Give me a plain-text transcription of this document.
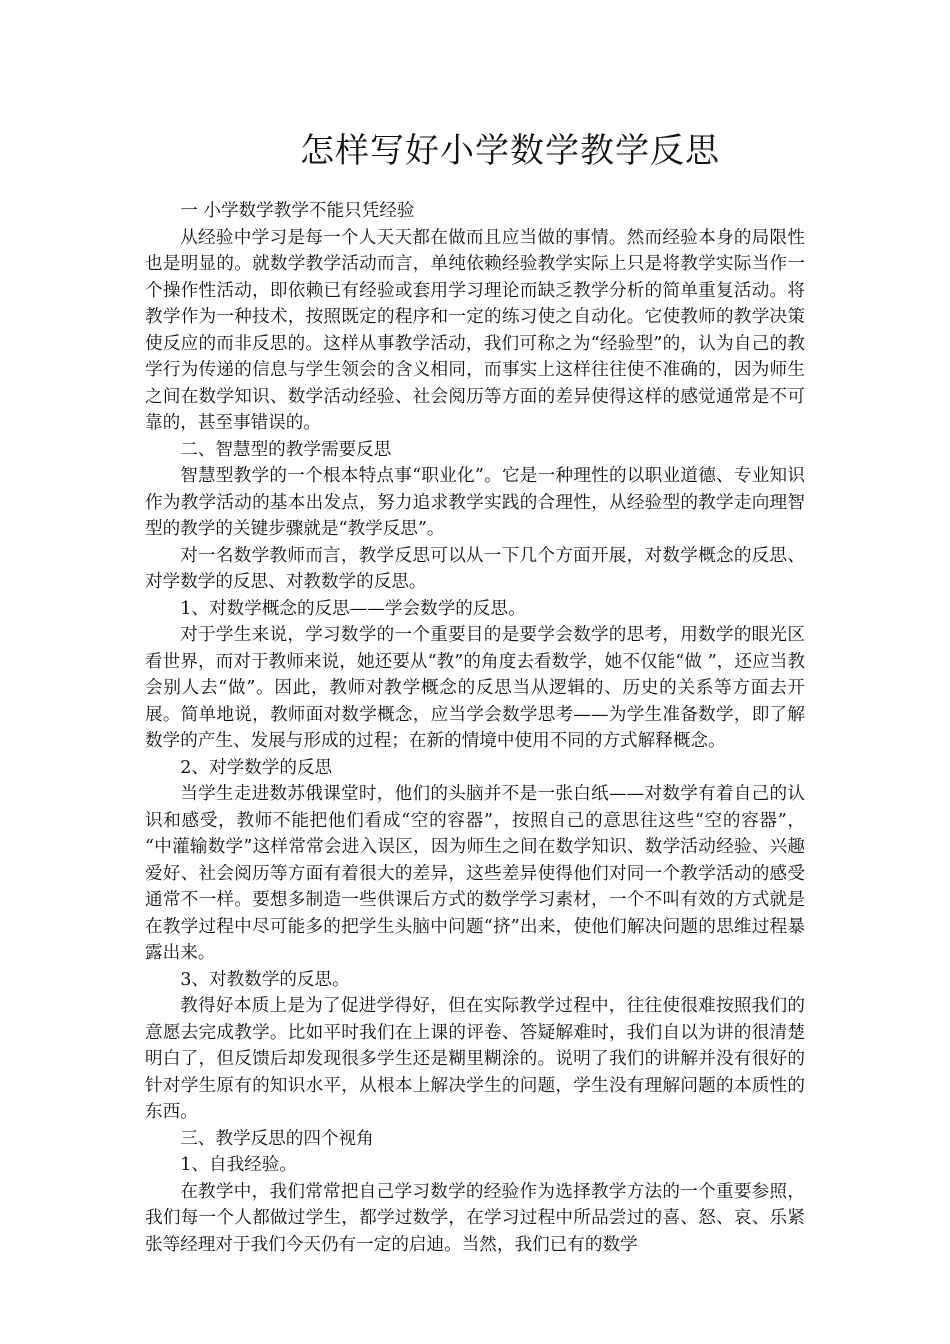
怎样写好小学数学教学反思

一 小学数学教学不能只凭经验

从经验中学习是每一个人天天都在做而且应当做的事情。然而经验本身的局限性也是明显的。就数学教学活动而言，单纯依赖经验教学实际上只是将教学实际当作一个操作性活动，即依赖已有经验或套用学习理论而缺乏教学分析的简单重复活动。将教学作为一种技术，按照既定的程序和一定的练习使之自动化。它使教师的教学决策使反应的而非反思的。这样从事教学活动，我们可称之为“经验型”的，认为自己的教学行为传递的信息与学生领会的含义相同，而事实上这样往往使不准确的，因为师生之间在数学知识、数学活动经验、社会阅历等方面的差异使得这样的感觉通常是不可靠的，甚至事错误的。

二、智慧型的教学需要反思

智慧型教学的一个根本特点事“职业化”。它是一种理性的以职业道德、专业知识作为教学活动的基本出发点，努力追求教学实践的合理性，从经验型的教学走向理智型的教学的关键步骤就是“教学反思”。

对一名数学教师而言，教学反思可以从一下几个方面开展，对数学概念的反思、对学数学的反思、对教数学的反思。

1、对数学概念的反思——学会数学的反思。

对于学生来说，学习数学的一个重要目的是要学会数学的思考，用数学的眼光区看世界，而对于教师来说，她还要从“教”的角度去看数学，她不仅能“做 ”，还应当教会别人去“做”。因此，教师对教学概念的反思当从逻辑的、历史的关系等方面去开展。简单地说，教师面对数学概念，应当学会数学思考——为学生准备数学，即了解数学的产生、发展与形成的过程；在新的情境中使用不同的方式解释概念。

2、对学数学的反思

当学生走进数苏俄课堂时，他们的头脑并不是一张白纸——对数学有着自己的认识和感受，教师不能把他们看成“空的容器”，按照自己的意思往这些“空的容器”， “中灌输数学”这样常常会进入误区，因为师生之间在数学知识、数学活动经验、兴趣爱好、社会阅历等方面有着很大的差异，这些差异使得他们对同一个教学活动的感受通常不一样。要想多制造一些供课后方式的数学学习素材，一个不叫有效的方式就是在教学过程中尽可能多的把学生头脑中问题“挤”出来，使他们解决问题的思维过程暴露出来。

3、对教数学的反思。

教得好本质上是为了促进学得好，但在实际教学过程中，往往使很难按照我们的意愿去完成教学。比如平时我们在上课的评卷、答疑解难时，我们自以为讲的很清楚明白了，但反馈后却发现很多学生还是糊里糊涂的。说明了我们的讲解并没有很好的针对学生原有的知识水平，从根本上解决学生的问题，学生没有理解问题的本质性的东西。

三、教学反思的四个视角

1、自我经验。

在教学中，我们常常把自己学习数学的经验作为选择教学方法的一个重要参照，我们每一个人都做过学生，都学过数学，在学习过程中所品尝过的喜、怒、哀、乐紧张等经理对于我们今天仍有一定的启迪。当然，我们已有的数学
